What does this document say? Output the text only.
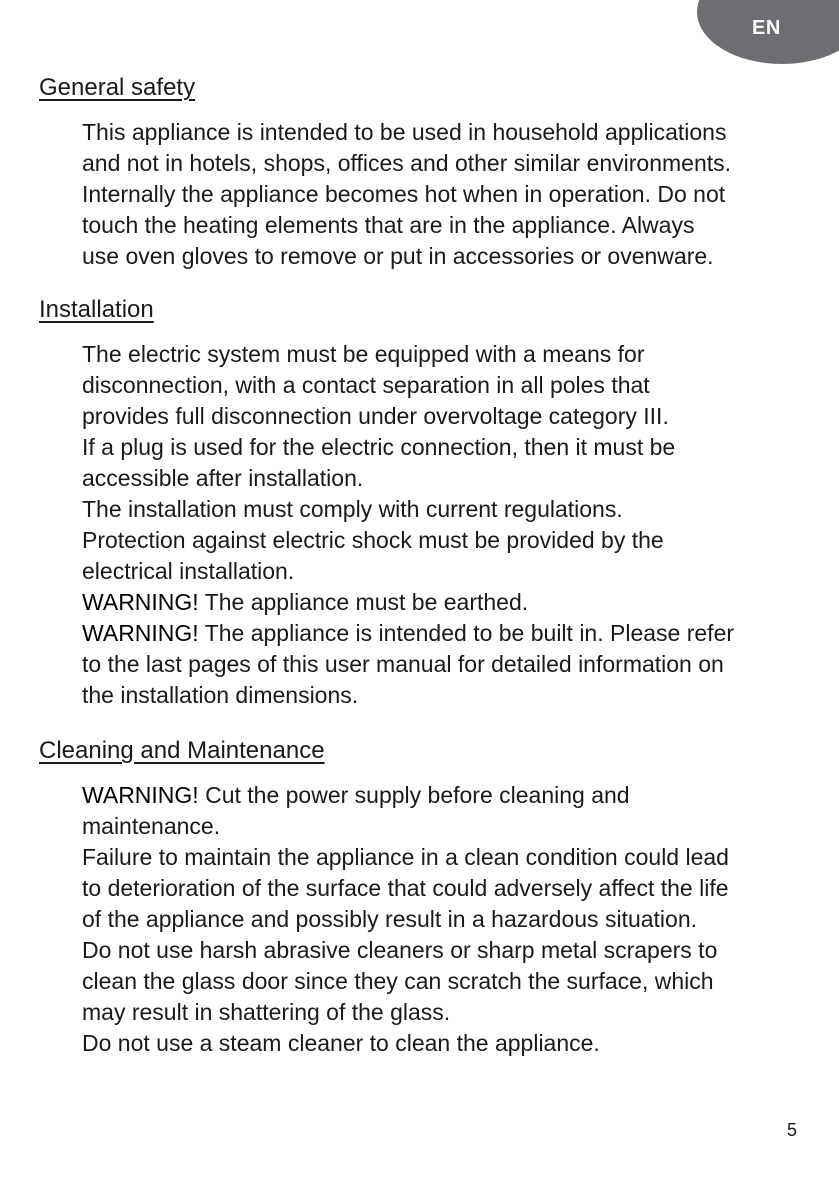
EN
General safety

This appliance is intended to be used in household applications
and not in hotels, shops, offices and other similar environments.
Internally the appliance becomes hot when in operation. Do not
touch the heating elements that are in the appliance. Always
use oven gloves to remove or put in accessories or ovenware.

Installation

The electric system must be equipped with a means for
disconnection, with a contact separation in all poles that
provides full disconnection under overvoltage category III.

If a plug is used for the electric connection, then it must be
accessible after installation.

The installation must comply with current regulations.

Protection against electric shock must be provided by the
electrical installation.

WARNING! The appliance must be earthed.

WARNING! The appliance is intended to be built in. Please refer
to the last pages of this user manual for detailed information on
the installation dimensions.

Cleaning and Maintenance

WARNING! Cut the power supply before cleaning and
maintenance.

Failure to maintain the appliance in a clean condition could lead
to deterioration of the surface that could adversely affect the life
of the appliance and possibly result in a hazardous situation.

Do not use harsh abrasive cleaners or sharp metal scrapers to
clean the glass door since they can scratch the surface, which
may result in shattering of the glass.

Do not use a steam cleaner to clean the appliance.

5
